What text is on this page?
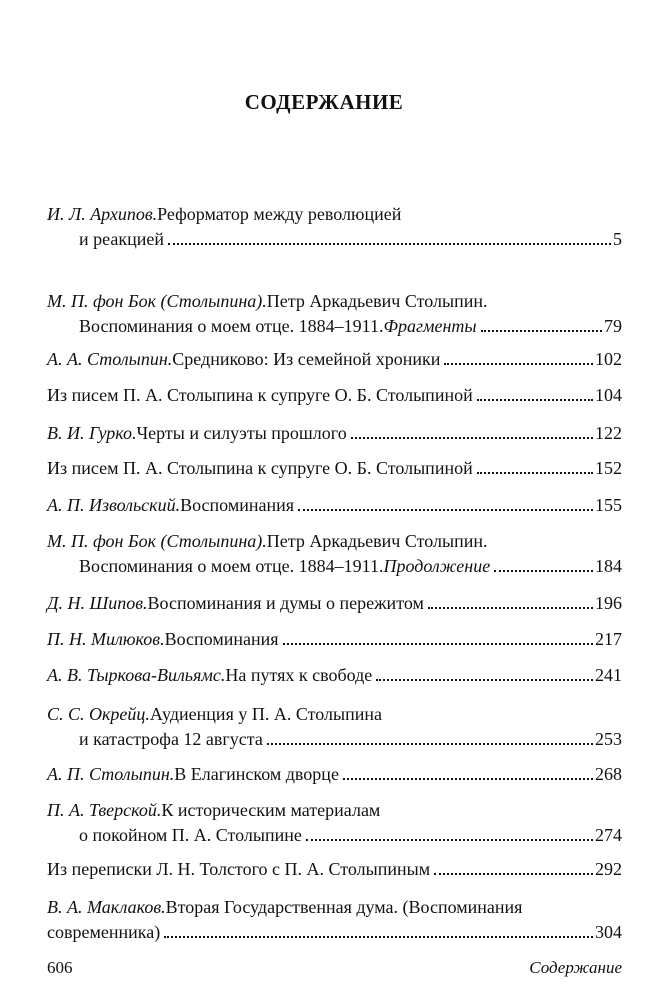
СОДЕРЖАНИЕ
И. Л. Архипов. Реформатор между революцией
и реакцией	5
М. П. фон Бок (Столыпина). Петр Аркадьевич Столыпин.
Воспоминания о моем отце. 1884–1911. Фрагменты	79
А. А. Столыпин. Средниково: Из семейной хроники	102
Из писем П. А. Столыпина к супруге О. Б. Столыпиной	104
В. И. Гурко. Черты и силуэты прошлого	122
Из писем П. А. Столыпина к супруге О. Б. Столыпиной	152
А. П. Извольский. Воспоминания	155
М. П. фон Бок (Столыпина). Петр Аркадьевич Столыпин.
Воспоминания о моем отце. 1884–1911. Продолжение	184
Д. Н. Шипов. Воспоминания и думы о пережитом	196
П. Н. Милюков. Воспоминания	217
А. В. Тыркова-Вильямс. На путях к свободе	241
С. С. Окрейц. Аудиенция у П. А. Столыпина
и катастрофа 12 августа	253
А. П. Столыпин. В Елагинском дворце	268
П. А. Тверской. К историческим материалам
о покойном П. А. Столыпине	274
Из переписки Л. Н. Толстого с П. А. Столыпиным	292
В. А. Маклаков. Вторая Государственная дума. (Воспоминания
современника)	304
606	Содержание
